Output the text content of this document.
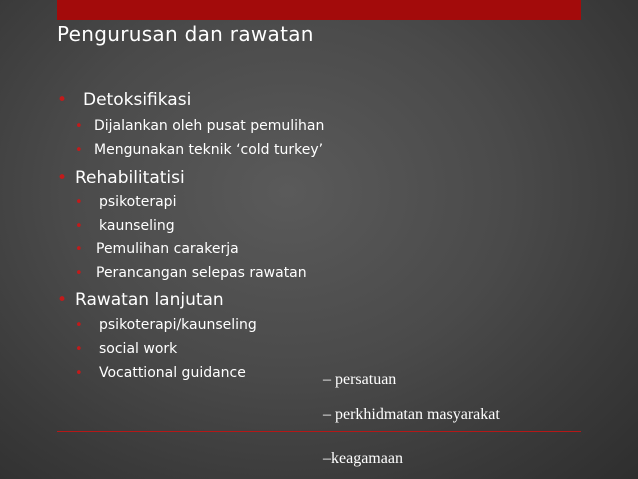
Pengurusan dan rawatan
• Detoksifikasi
• Dijalankan oleh pusat pemulihan
• Mengunakan teknik ‘cold turkey’
• Rehabilitatisi
• psikoterapi
• kaunseling
• Pemulihan carakerja
• Perancangan selepas rawatan
• Rawatan lanjutan
• psikoterapi/kaunseling
• social work
• Vocattional guidance	– persatuan
– perkhidmatan masyarakat
–keagamaan
